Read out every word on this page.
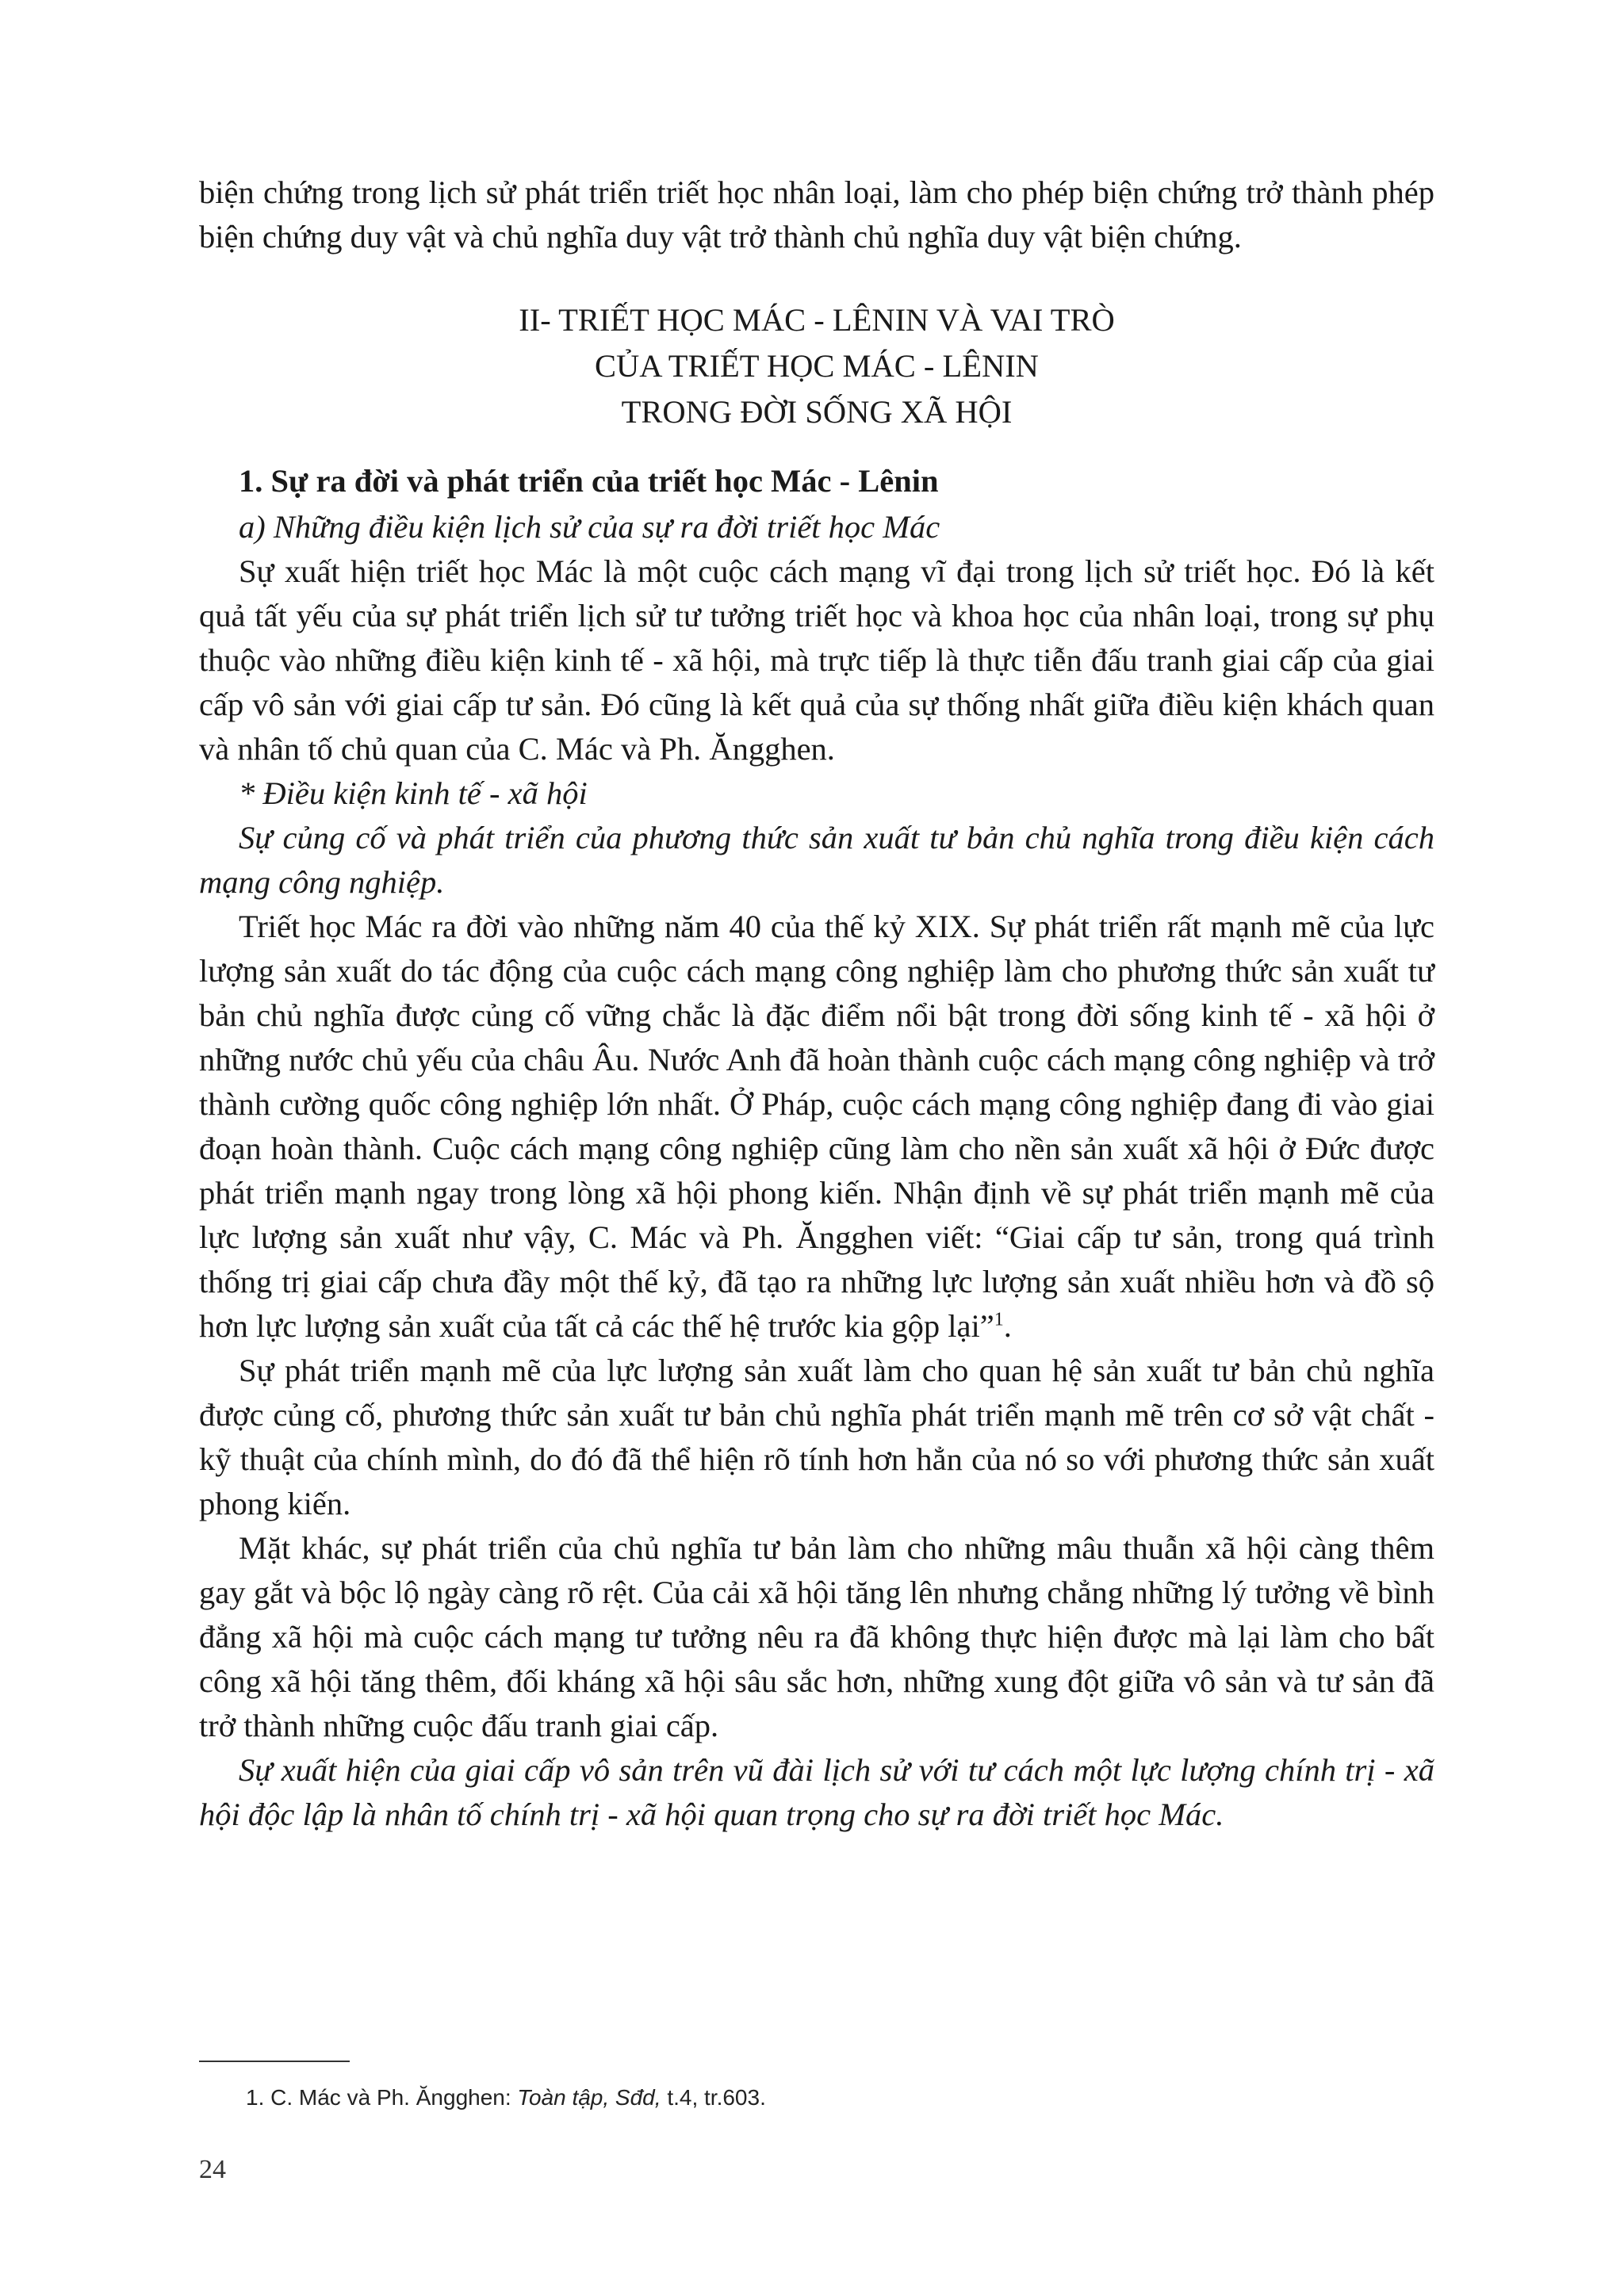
biện chứng trong lịch sử phát triển triết học nhân loại, làm cho phép biện chứng trở thành phép biện chứng duy vật và chủ nghĩa duy vật trở thành chủ nghĩa duy vật biện chứng.

II- TRIẾT HỌC MÁC - LÊNIN VÀ VAI TRÒ
CỦA TRIẾT HỌC MÁC - LÊNIN
TRONG ĐỜI SỐNG XÃ HỘI

1. Sự ra đời và phát triển của triết học Mác - Lênin

a) Những điều kiện lịch sử của sự ra đời triết học Mác

Sự xuất hiện triết học Mác là một cuộc cách mạng vĩ đại trong lịch sử triết học. Đó là kết quả tất yếu của sự phát triển lịch sử tư tưởng triết học và khoa học của nhân loại, trong sự phụ thuộc vào những điều kiện kinh tế - xã hội, mà trực tiếp là thực tiễn đấu tranh giai cấp của giai cấp vô sản với giai cấp tư sản. Đó cũng là kết quả của sự thống nhất giữa điều kiện khách quan và nhân tố chủ quan của C. Mác và Ph. Ăngghen.

* Điều kiện kinh tế - xã hội

Sự củng cố và phát triển của phương thức sản xuất tư bản chủ nghĩa trong điều kiện cách mạng công nghiệp.

Triết học Mác ra đời vào những năm 40 của thế kỷ XIX. Sự phát triển rất mạnh mẽ của lực lượng sản xuất do tác động của cuộc cách mạng công nghiệp làm cho phương thức sản xuất tư bản chủ nghĩa được củng cố vững chắc là đặc điểm nổi bật trong đời sống kinh tế - xã hội ở những nước chủ yếu của châu Âu. Nước Anh đã hoàn thành cuộc cách mạng công nghiệp và trở thành cường quốc công nghiệp lớn nhất. Ở Pháp, cuộc cách mạng công nghiệp đang đi vào giai đoạn hoàn thành. Cuộc cách mạng công nghiệp cũng làm cho nền sản xuất xã hội ở Đức được phát triển mạnh ngay trong lòng xã hội phong kiến. Nhận định về sự phát triển mạnh mẽ của lực lượng sản xuất như vậy, C. Mác và Ph. Ăngghen viết: “Giai cấp tư sản, trong quá trình thống trị giai cấp chưa đầy một thế kỷ, đã tạo ra những lực lượng sản xuất nhiều hơn và đồ sộ hơn lực lượng sản xuất của tất cả các thế hệ trước kia gộp lại”$^1$.

Sự phát triển mạnh mẽ của lực lượng sản xuất làm cho quan hệ sản xuất tư bản chủ nghĩa được củng cố, phương thức sản xuất tư bản chủ nghĩa phát triển mạnh mẽ trên cơ sở vật chất - kỹ thuật của chính mình, do đó đã thể hiện rõ tính hơn hẳn của nó so với phương thức sản xuất phong kiến.

Mặt khác, sự phát triển của chủ nghĩa tư bản làm cho những mâu thuẫn xã hội càng thêm gay gắt và bộc lộ ngày càng rõ rệt. Của cải xã hội tăng lên nhưng chẳng những lý tưởng về bình đẳng xã hội mà cuộc cách mạng tư tưởng nêu ra đã không thực hiện được mà lại làm cho bất công xã hội tăng thêm, đối kháng xã hội sâu sắc hơn, những xung đột giữa vô sản và tư sản đã trở thành những cuộc đấu tranh giai cấp.

Sự xuất hiện của giai cấp vô sản trên vũ đài lịch sử với tư cách một lực lượng chính trị - xã hội độc lập là nhân tố chính trị - xã hội quan trọng cho sự ra đời triết học Mác.

1. C. Mác và Ph. Ăngghen: Toàn tập, Sđd, t.4, tr.603.
24
